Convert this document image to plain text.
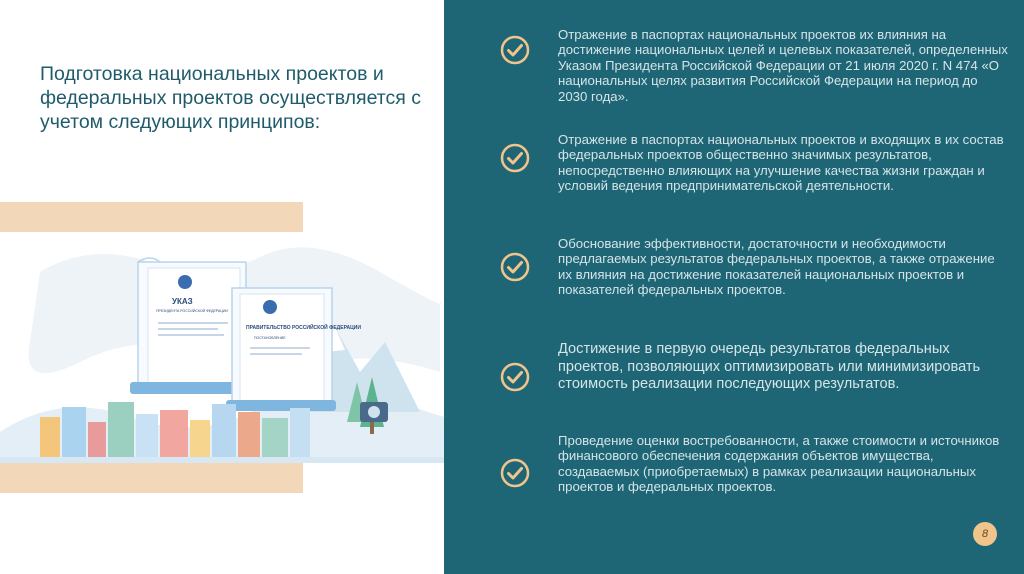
Подготовка национальных проектов и федеральных проектов осуществляется с учетом следующих принципов:
УКАЗ
ПРЕЗИДЕНТА РОССИЙСКОЙ ФЕДЕРАЦИИ
ПРАВИТЕЛЬСТВО РОССИЙСКОЙ ФЕДЕРАЦИИ
ПОСТАНОВЛЕНИЕ

Отражение в паспортах национальных проектов их влияния на достижение национальных целей и целевых показателей, определенных Указом Президента Российской Федерации от 21 июля 2020 г. N 474 «О национальных целях развития Российской Федерации на период до 2030 года».

Отражение в паспортах национальных проектов и входящих в их состав федеральных проектов общественно значимых результатов, непосредственно влияющих на улучшение качества жизни граждан и условий ведения предпринимательской деятельности.

Обоснование эффективности, достаточности и необходимости предлагаемых результатов федеральных проектов, а также отражение их влияния на достижение показателей национальных проектов и показателей федеральных проектов.

Достижение в первую очередь результатов федеральных проектов, позволяющих оптимизировать или минимизировать стоимость реализации последующих результатов.

Проведение оценки востребованности, а также стоимости и источников финансового обеспечения содержания объектов имущества, создаваемых (приобретаемых) в рамках реализации национальных проектов и федеральных проектов.

8
